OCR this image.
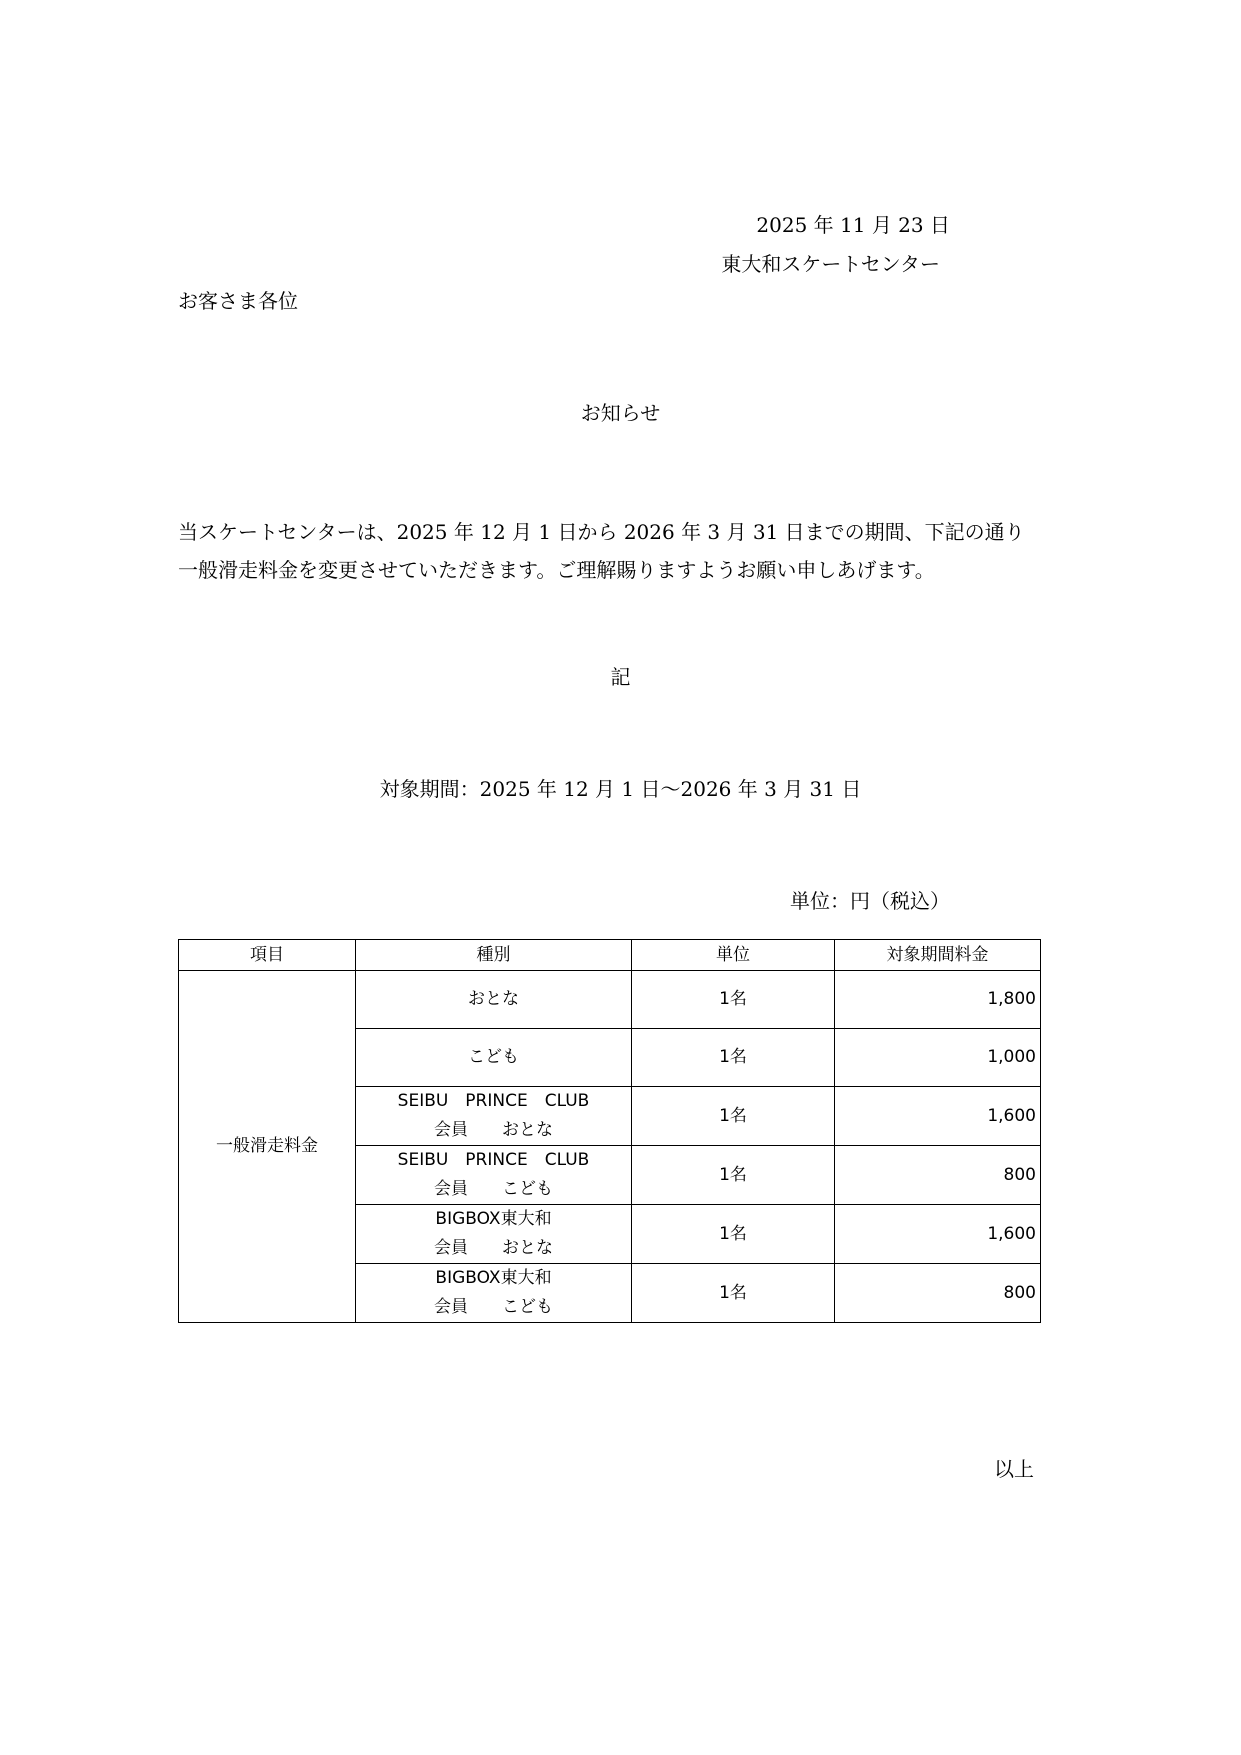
2025 年 11 月 23 日
東大和スケートセンター
お客さま各位
お知らせ

当スケートセンターは、2025 年 12 月 1 日から 2026 年 3 月 31 日までの期間、下記の通り

一般滑走料金を変更させていただきます。ご理解賜りますようお願い申しあげます。

記
対象期間：2025 年 12 月 1 日〜2026 年 3 月 31 日
単位：円（税込）
項目	種別	単位	対象期間料金
一般滑走料金	おとな	1名	1,800

	こども	1名	1,000

	SEIBU　PRINCE　CLUB
会員　　おとな	1名	1,600

	SEIBU　PRINCE　CLUB
会員　　こども	1名	800

	BIGBOX東大和
会員　　おとな	1名	1,600

	BIGBOX東大和
会員　　こども	1名	800
以上
